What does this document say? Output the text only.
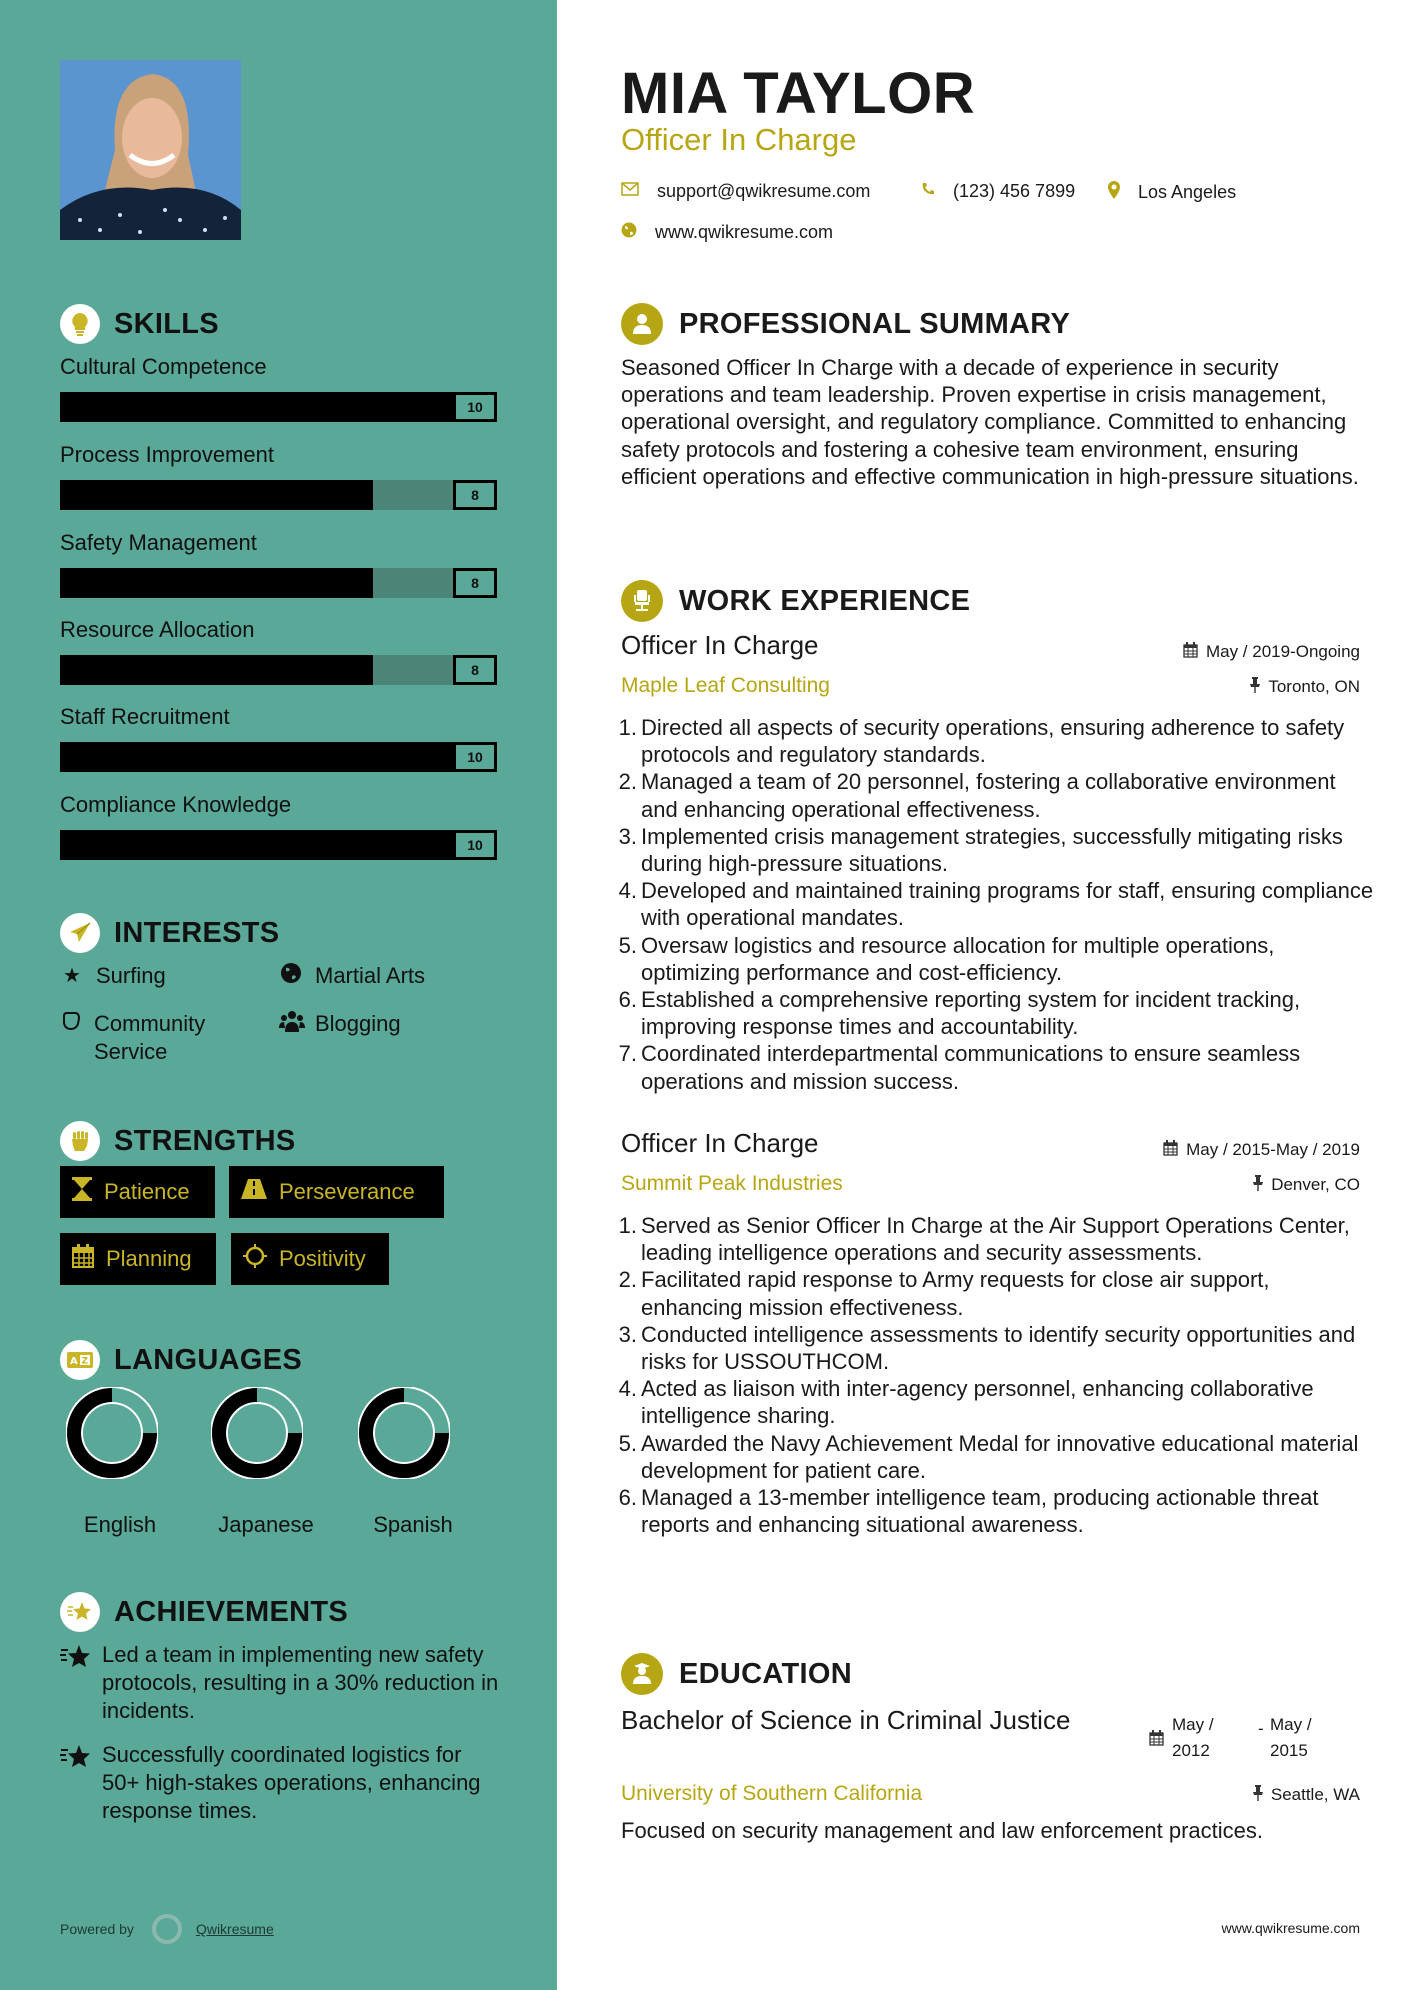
SKILLS
Cultural Competence
10
Process Improvement
8
Safety Management
8
Resource Allocation
8
Staff Recruitment
10
Compliance Knowledge
10
INTERESTS
★ Surfing	Martial Arts
Community Service
Blogging
STRENGTHS
Patience	Perseverance
Planning	Positivity
A Z LANGUAGES
English	Japanese	Spanish
ACHIEVEMENTS
Led a team in implementing new safety protocols, resulting in a 30% reduction in incidents.
Successfully coordinated logistics for 50+ high-stakes operations, enhancing response times.
Powered by	Qwikresume
MIA TAYLOR
Officer In Charge
support@qwikresume.com	(123) 456 7899	Los Angeles
www.qwikresume.com
PROFESSIONAL SUMMARY
Seasoned Officer In Charge with a decade of experience in security operations and team leadership. Proven expertise in crisis management, operational oversight, and regulatory compliance. Committed to enhancing safety protocols and fostering a cohesive team environment, ensuring efficient operations and effective communication in high-pressure situations.
WORK EXPERIENCE
Officer In Charge	May / 2019-Ongoing
Maple Leaf Consulting	Toronto, ON
1. Directed all aspects of security operations, ensuring adherence to safety protocols and regulatory standards.
2. Managed a team of 20 personnel, fostering a collaborative environment and enhancing operational effectiveness.
3. Implemented crisis management strategies, successfully mitigating risks during high-pressure situations.
4. Developed and maintained training programs for staff, ensuring compliance with operational mandates.
5. Oversaw logistics and resource allocation for multiple operations, optimizing performance and cost-efficiency.
6. Established a comprehensive reporting system for incident tracking, improving response times and accountability.
7. Coordinated interdepartmental communications to ensure seamless operations and mission success.
Officer In Charge	May / 2015-May / 2019
Summit Peak Industries	Denver, CO
1. Served as Senior Officer In Charge at the Air Support Operations Center, leading intelligence operations and security assessments.
2. Facilitated rapid response to Army requests for close air support, enhancing mission effectiveness.
3. Conducted intelligence assessments to identify security opportunities and risks for USSOUTHCOM.
4. Acted as liaison with inter-agency personnel, enhancing collaborative intelligence sharing.
5. Awarded the Navy Achievement Medal for innovative educational material development for patient care.
6. Managed a 13-member intelligence team, producing actionable threat reports and enhancing situational awareness.
EDUCATION
Bachelor of Science in Criminal Justice	May / 2012
- May / 2015
University of Southern California	Seattle, WA
Focused on security management and law enforcement practices.
www.qwikresume.com
